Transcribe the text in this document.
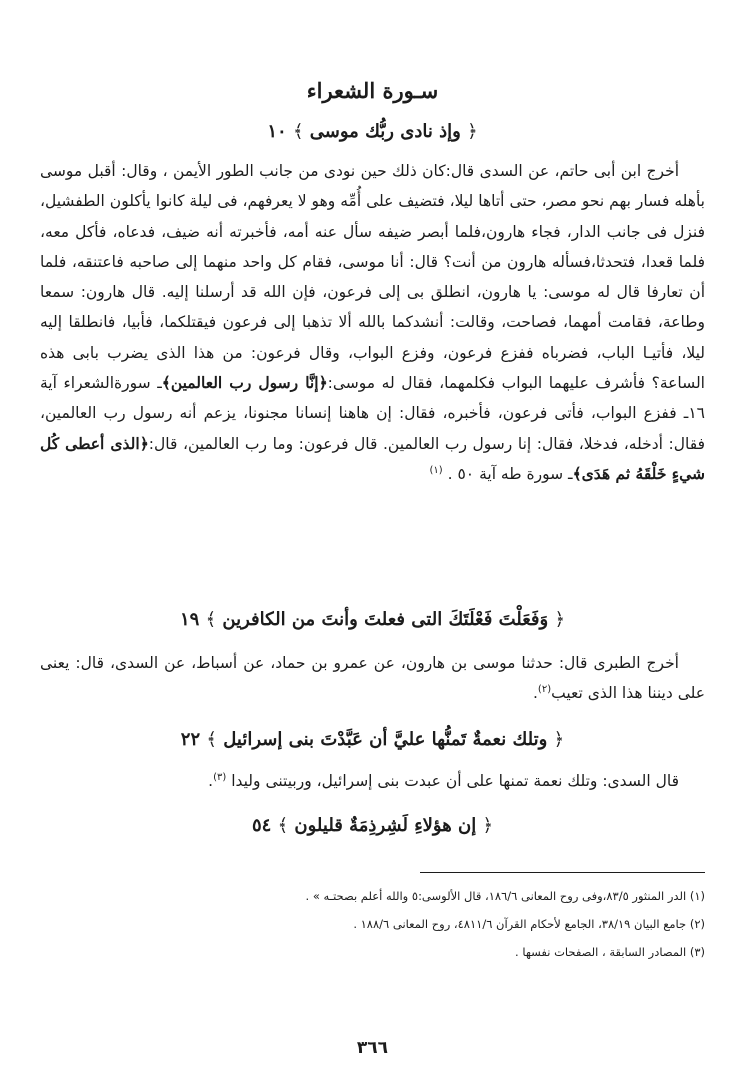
سـورة الشعراء
﴿ وإذ نادى ربُّك موسى ﴾ ١٠

أخرج ابن أبى حاتم، عن السدى قال:كان ذلك حين نودى من جانب الطور الأيمن ، وقال: أقبل موسى بأهله فسار بهم نحو مصر، حتى أتاها ليلا، فتضيف على أُمِّه وهو لا يعرفهم، فى ليلة كانوا يأكلون الطفشيل، فنزل فى جانب الدار، فجاء هارون،فلما أبصر ضيفه سأل عنه أمه، فأخبرته أنه ضيف، فدعاه، فأكل معه، فلما قعدا، فتحدثا،فسأله هارون من أنت؟ قال: أنا موسى، فقام كل واحد منهما إلى صاحبه فاعتنقه، فلما أن تعارفا قال له موسى: يا هارون، انطلق بى إلى فرعون، فإن الله قد أرسلنا إليه. قال هارون: سمعا وطاعة، فقامت أمهما، فصاحت، وقالت: أنشدكما بالله ألا تذهبا إلى فرعون فيقتلكما، فأبيا، فانطلقا إليه ليلا، فأتيـا الباب، فضرباه ففزع فرعون، وفزع البواب، وقال فرعون: من هذا الذى يضرب بابى هذه الساعة؟ فأشرف عليهما البواب فكلمهما، فقال له موسى:﴿إنَّا رسول رب العالمين﴾ـ سورةالشعراء آية ١٦ـ ففزع البواب، فأتى فرعون، فأخبره، فقال: إن هاهنا إنسانا مجنونا، يزعم أنه رسول رب العالمين، فقال: أدخله، فدخلا، فقال: إنا رسول رب العالمين. قال فرعون: وما رب العالمين، قال:﴿الذى أعطى كُل شيءٍ خَلْقَهُ ثم هَدَى﴾ـ سورة طه آية ٥٠ . $^{(١)}$

﴿ وَفَعَلْتَ فَعْلَتَكَ التى فعلتَ وأنتَ من الكافرين ﴾ ١٩

أخرج الطبرى قال: حدثنا موسى بن هارون، عن عمرو بن حماد، عن أسباط، عن السدى، قال: يعنى على ديننا هذا الذى تعيب$^{(٢)}$.

﴿ وتلك نعمةٌ تَمنُّها عليَّ أن عَبَّدْتَ بنى إسرائيل ﴾ ٢٢

قال السدى: وتلك نعمة تمنها على أن عبدت بنى إسرائيل، وربيتنى وليدا $^{(٣)}$.

﴿ إن هؤلاءِ لَشِرذِمَةٌ قليلون ﴾ ٥٤
(١) الدر المنثور ٨٣/٥،وفى روح المعانى ١٨٦/٦، قال الألوسى:٥ والله أعلم بصحتـه » .
(٢) جامع البيان ٣٨/١٩، الجامع لأحكام القرآن ٤٨١١/٦، روح المعانى ١٨٨/٦ .
(٣) المصادر السابقة ، الصفحات نفسها .
٣٦٦
